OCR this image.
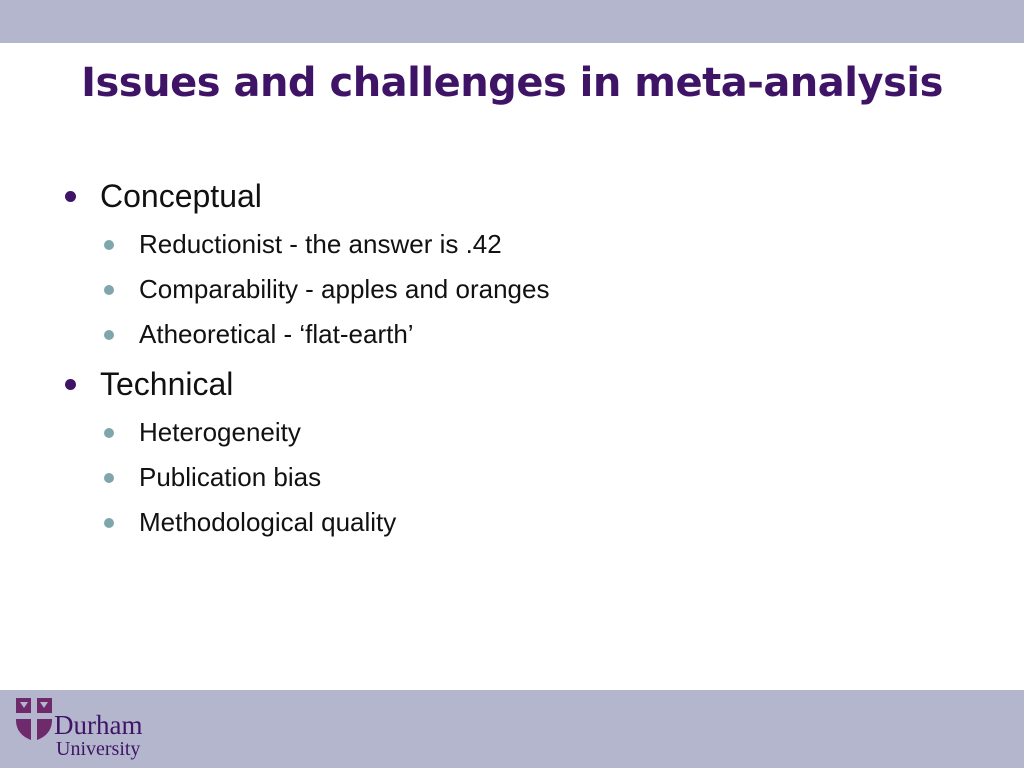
Issues and challenges in meta-analysis
Conceptual
Reductionist - the answer is .42
Comparability - apples and oranges
Atheoretical - ‘flat-earth’
Technical
Heterogeneity
Publication bias
Methodological quality
Durham
University
